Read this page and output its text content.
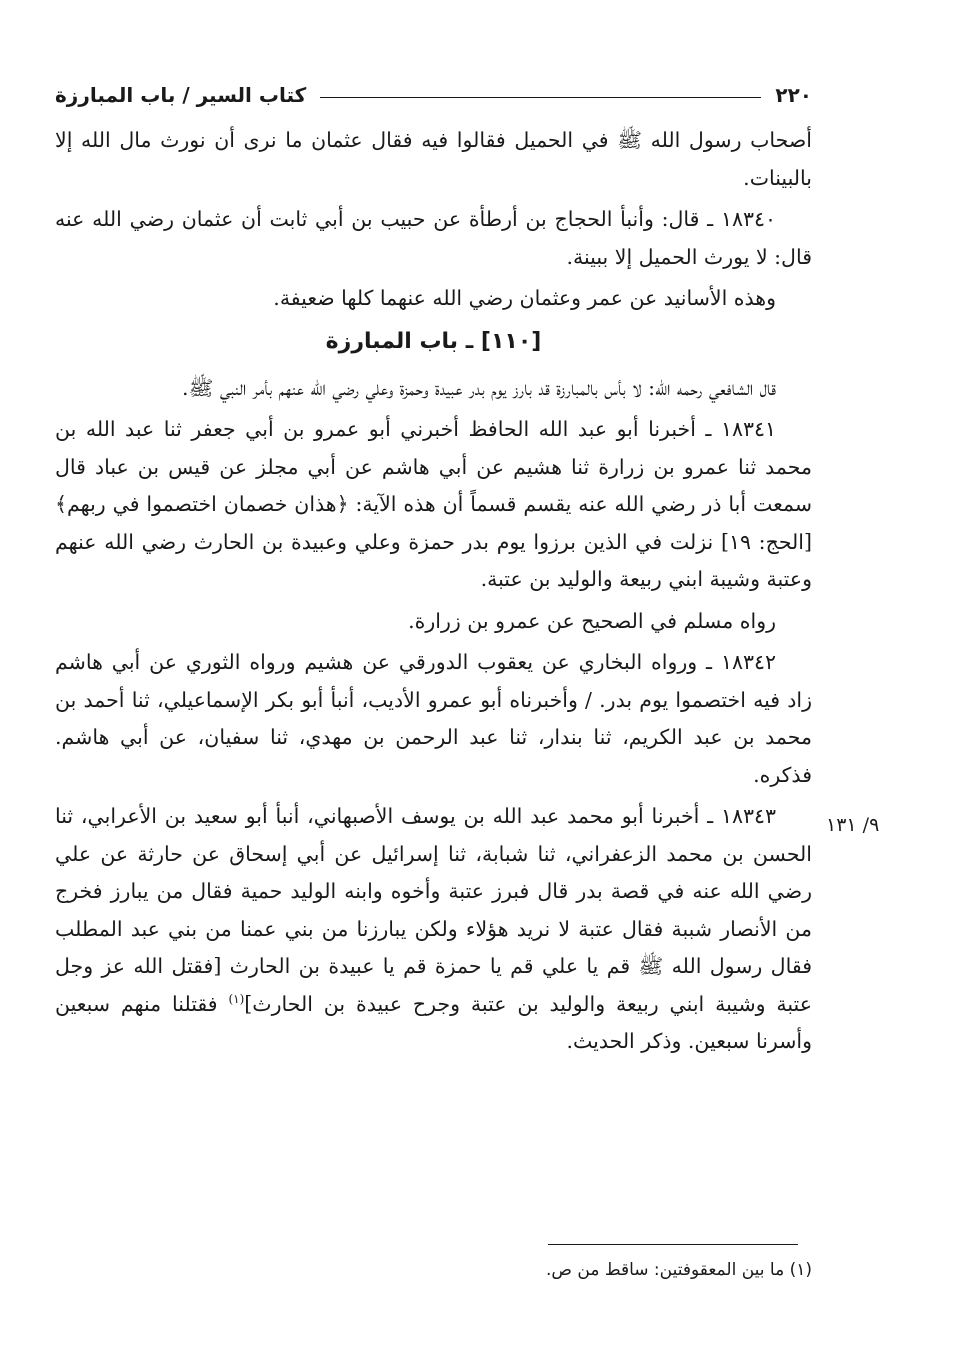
٢٢٠
كتاب السير / باب المبارزة

أصحاب رسول الله ﷺ في الحميل فقالوا فيه فقال عثمان ما نرى أن نورث مال الله إلا بالبينات.

١٨٣٤٠ ـ قال: وأنبأ الحجاج بن أرطأة عن حبيب بن أبي ثابت أن عثمان رضي الله عنه قال: لا يورث الحميل إلا ببينة.

وهذه الأسانيد عن عمر وعثمان رضي الله عنهما كلها ضعيفة.

[١١٠] ـ باب المبارزة

قال الشافعي رحمه الله: لا بأس بالمبارزة قد بارز يوم بدر عبيدة وحمزة وعلي رضي الله عنهم بأمر النبي ﷺ.

١٨٣٤١ ـ أخبرنا أبو عبد الله الحافظ أخبرني أبو عمرو بن أبي جعفر ثنا عبد الله بن محمد ثنا عمرو بن زرارة ثنا هشيم عن أبي هاشم عن أبي مجلز عن قيس بن عباد قال سمعت أبا ذر رضي الله عنه يقسم قسماً أن هذه الآية: ﴿هذان خصمان اختصموا في ربهم﴾ [الحج: ١٩] نزلت في الذين برزوا يوم بدر حمزة وعلي وعبيدة بن الحارث رضي الله عنهم وعتبة وشيبة ابني ربيعة والوليد بن عتبة.

رواه مسلم في الصحيح عن عمرو بن زرارة.

١٨٣٤٢ ـ ورواه البخاري عن يعقوب الدورقي عن هشيم ورواه الثوري عن أبي هاشم زاد فيه اختصموا يوم بدر. / وأخبرناه أبو عمرو الأديب، أنبأ أبو بكر الإسماعيلي، ثنا أحمد بن محمد بن عبد الكريم، ثنا بندار، ثنا عبد الرحمن بن مهدي، ثنا سفيان، عن أبي هاشم. فذكره.

١٨٣٤٣ ـ أخبرنا أبو محمد عبد الله بن يوسف الأصبهاني، أنبأ أبو سعيد بن الأعرابي، ثنا الحسن بن محمد الزعفراني، ثنا شبابة، ثنا إسرائيل عن أبي إسحاق عن حارثة عن علي رضي الله عنه في قصة بدر قال فبرز عتبة وأخوه وابنه الوليد حمية فقال من يبارز فخرج من الأنصار شببة فقال عتبة لا نريد هؤلاء ولكن يبارزنا من بني عمنا من بني عبد المطلب فقال رسول الله ﷺ قم يا علي قم يا حمزة قم يا عبيدة بن الحارث [فقتل الله عز وجل عتبة وشيبة ابني ربيعة والوليد بن عتبة وجرح عبيدة بن الحارث]$^{(١)}$ فقتلنا منهم سبعين وأسرنا سبعين. وذكر الحديث.

٩/ ١٣١
(١) ما بين المعقوفتين: ساقط من ص.
